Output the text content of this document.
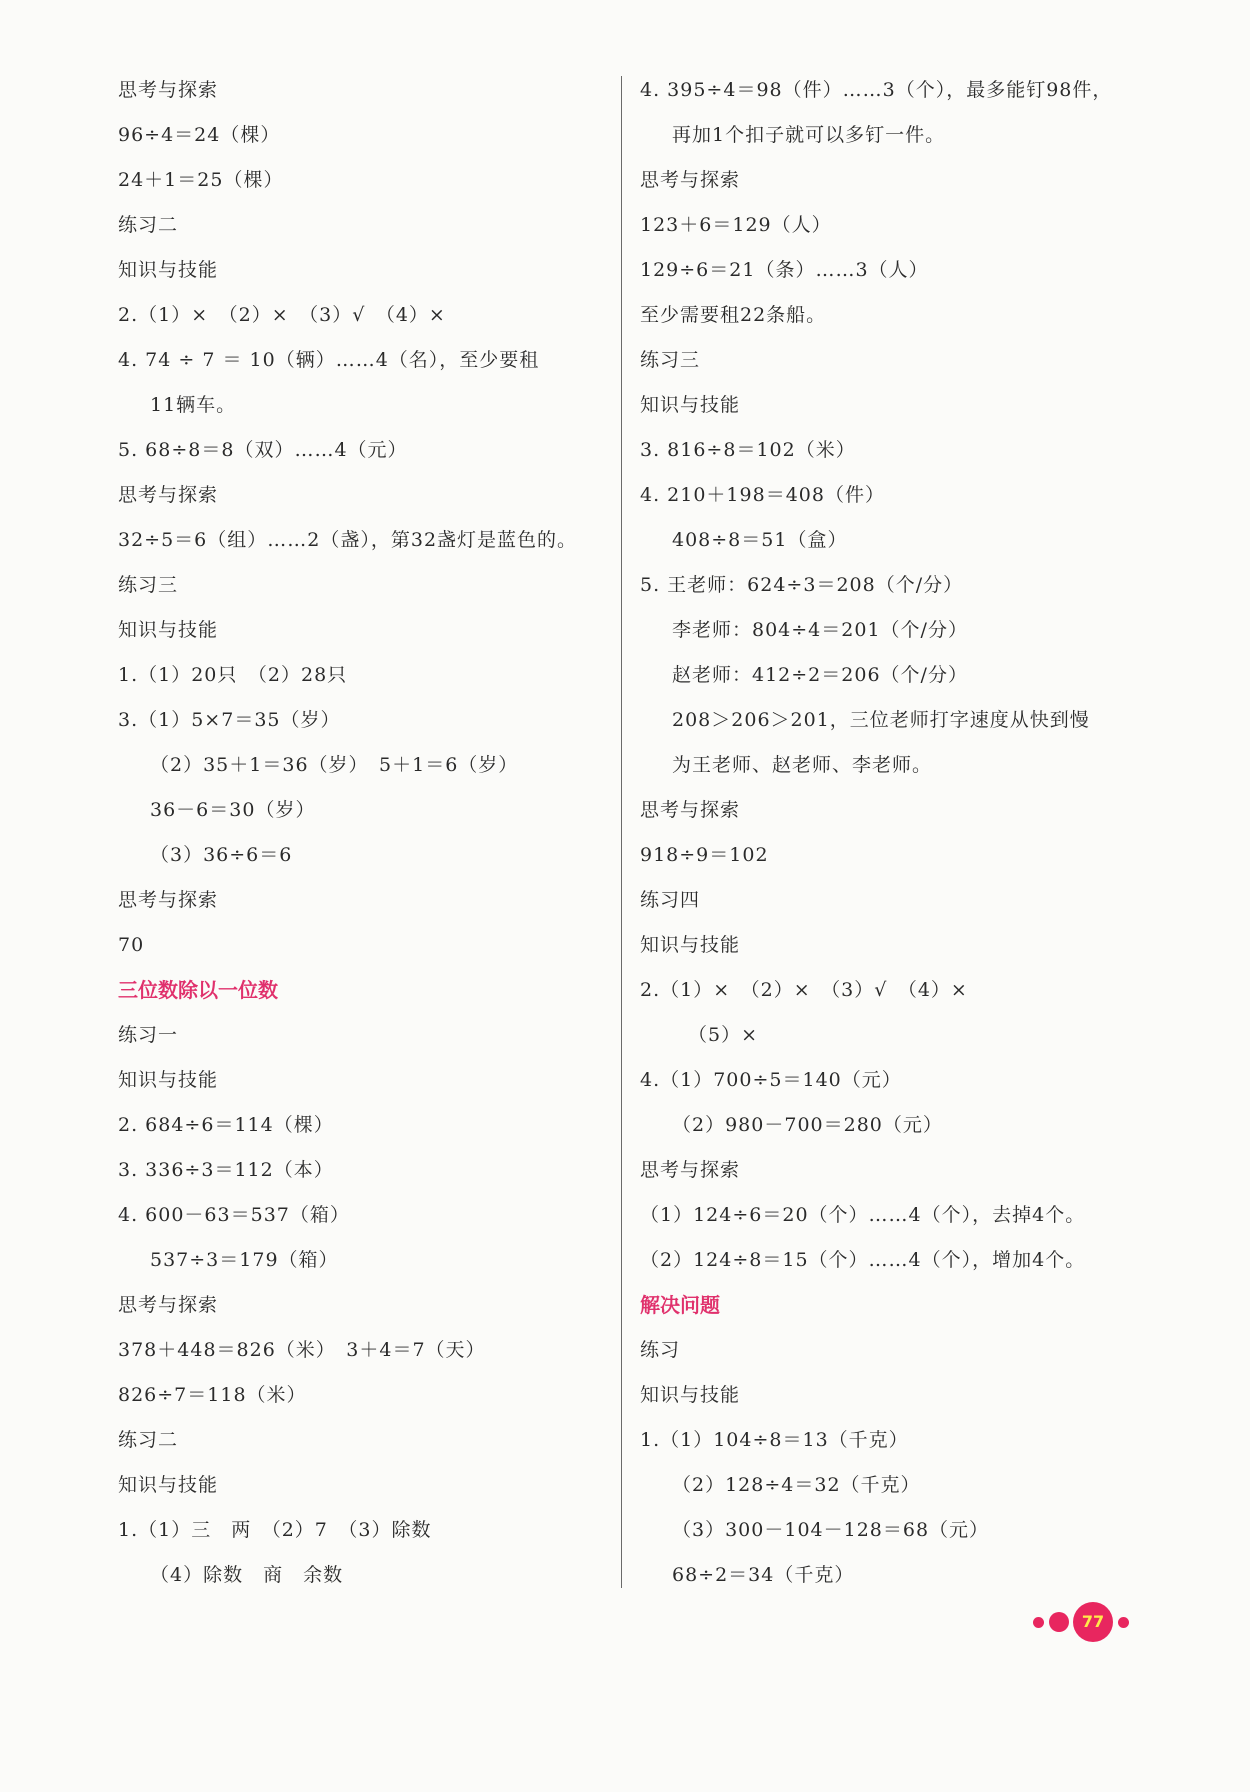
思考与探索
96÷4＝24（棵）
24＋1＝25（棵）
练习二
知识与技能
2.（1）×　（2）×　（3）√　（4）×
4. 74 ÷ 7 ＝ 10（辆）……4（名），至少要租
11辆车。
5. 68÷8＝8（双）……4（元）
思考与探索
32÷5＝6（组）……2（盏），第32盏灯是蓝色的。
练习三
知识与技能
1.（1）20只　（2）28只
3.（1）5×7＝35（岁）
（2）35＋1＝36（岁）　5＋1＝6（岁）
36－6＝30（岁）
（3）36÷6＝6
思考与探索
70
三位数除以一位数
练习一
知识与技能
2. 684÷6＝114（棵）
3. 336÷3＝112（本）
4. 600－63＝537（箱）
537÷3＝179（箱）
思考与探索
378＋448＝826（米）　3＋4＝7（天）
826÷7＝118（米）
练习二
知识与技能
1.（1）三　两　（2）7　（3）除数
（4）除数　商　余数
4. 395÷4＝98（件）……3（个），最多能钉98件，
再加1个扣子就可以多钉一件。
思考与探索
123＋6＝129（人）
129÷6＝21（条）……3（人）
至少需要租22条船。
练习三
知识与技能
3. 816÷8＝102（米）
4. 210＋198＝408（件）
408÷8＝51（盒）
5. 王老师：624÷3＝208（个/分）
李老师：804÷4＝201（个/分）
赵老师：412÷2＝206（个/分）
208＞206＞201，三位老师打字速度从快到慢
为王老师、赵老师、李老师。
思考与探索
918÷9＝102
练习四
知识与技能
2.（1）×　（2）×　（3）√　（4）×
（5）×
4.（1）700÷5＝140（元）
（2）980－700＝280（元）
思考与探索
（1）124÷6＝20（个）……4（个），去掉4个。
（2）124÷8＝15（个）……4（个），增加4个。
解决问题
练习
知识与技能
1.（1）104÷8＝13（千克）
（2）128÷4＝32（千克）
（3）300－104－128＝68（元）
68÷2＝34（千克）
77
